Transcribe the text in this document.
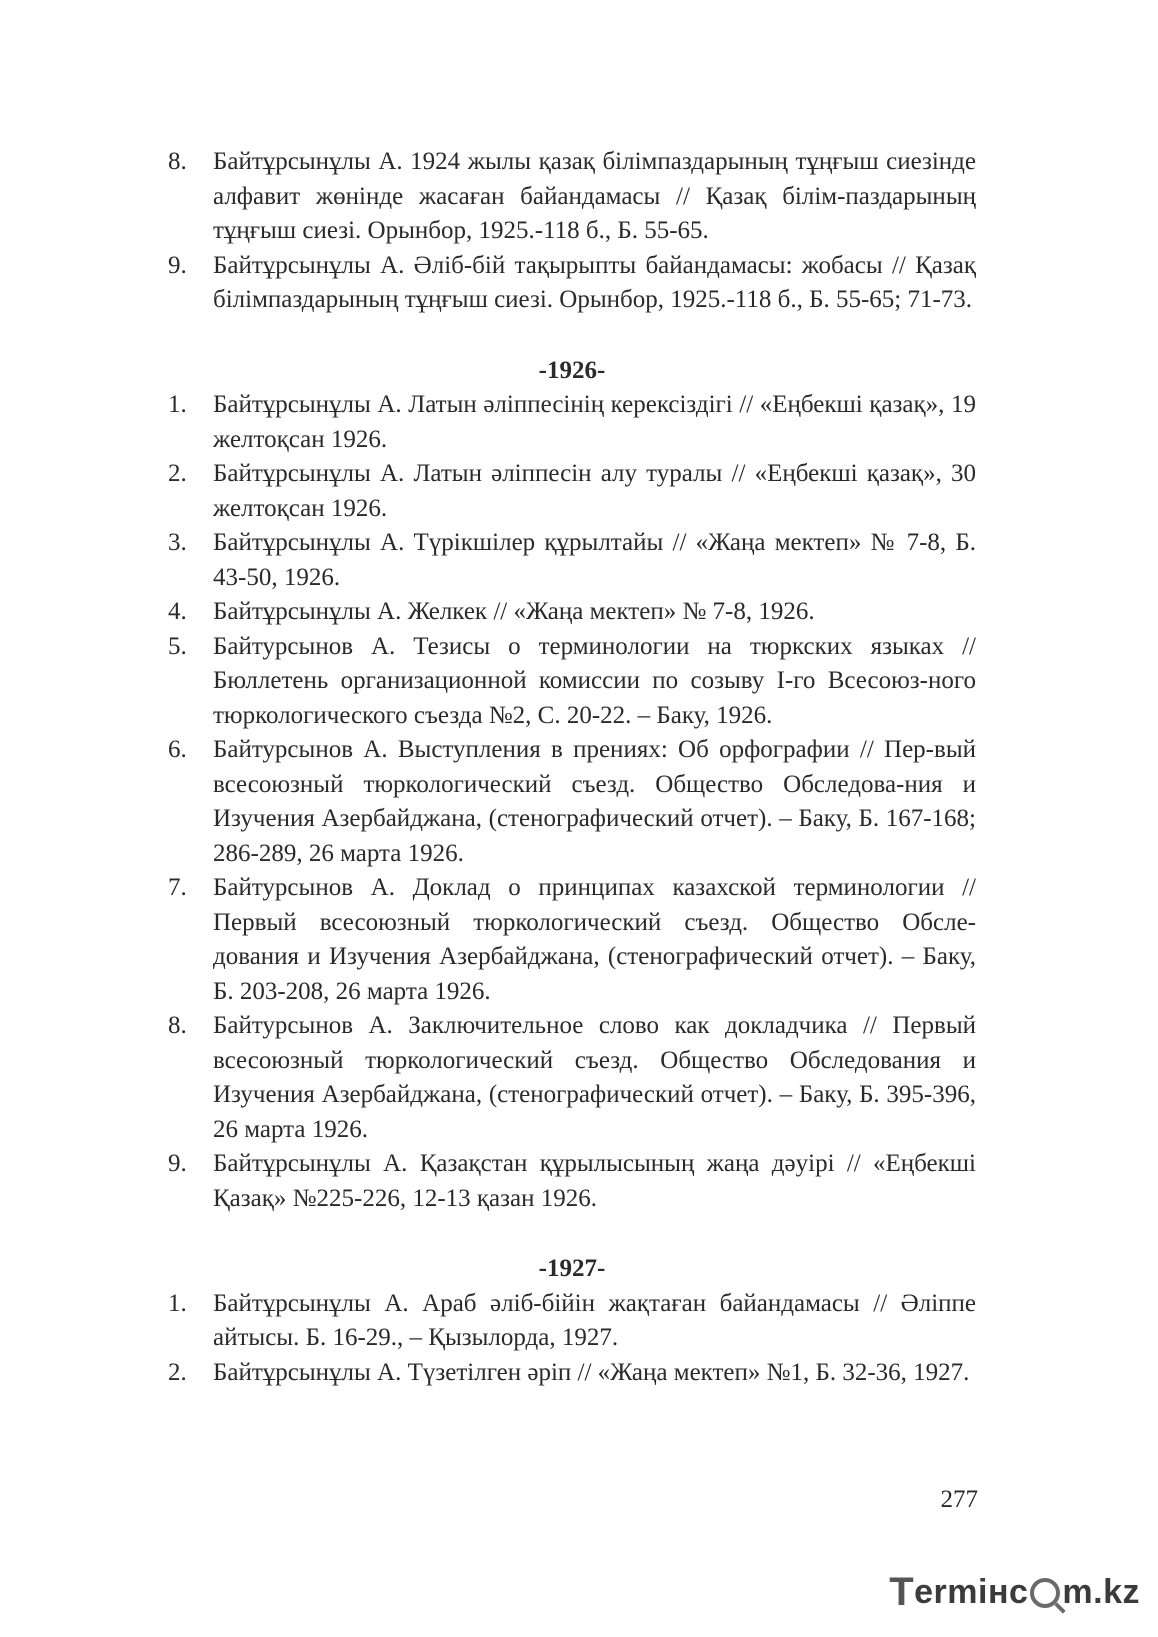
8.	Байтұрсынұлы А. 1924 жылы қазақ білімпаздарының тұңғыш сиезінде алфавит жөнінде жасаған байандамасы // Қазақ білім-паздарының тұңғыш сиезі. Орынбор, 1925.-118 б., Б. 55-65.
9.	Байтұрсынұлы А. Әліб-бій тақырыпты байандамасы: жобасы // Қазақ білімпаздарының тұңғыш сиезі. Орынбор, 1925.-118 б., Б. 55-65; 71-73.
-1926-
1.	Байтұрсынұлы А. Латын әліппесінің керексіздігі // «Еңбекші қазақ», 19 желтоқсан 1926.
2.	Байтұрсынұлы А. Латын әліппесін алу туралы // «Еңбекші қазақ», 30 желтоқсан 1926.
3.	Байтұрсынұлы А. Түрікшілер құрылтайы // «Жаңа мектеп» № 7-8, Б. 43-50, 1926.
4.	Байтұрсынұлы А. Желкек // «Жаңа мектеп» № 7-8, 1926.
5.	Байтурсынов А. Тезисы о терминологии на тюркских языках // Бюллетень организационной комиссии по созыву I-го Всесоюз-ного тюркологического съезда №2, С. 20-22. – Баку, 1926.
6.	Байтурсынов А. Выступления в прениях: Об орфографии // Пер-вый всесоюзный тюркологический съезд. Общество Обследова-ния и Изучения Азербайджана, (стенографический отчет). – Баку, Б. 167-168; 286-289, 26 марта 1926.
7.	Байтурсынов А. Доклад о принципах казахской терминологии // Первый всесоюзный тюркологический съезд. Общество Обсле-дования и Изучения Азербайджана, (стенографический отчет). – Баку, Б. 203-208, 26 марта 1926.
8.	Байтурсынов А. Заключительное слово как докладчика // Первый всесоюзный тюркологический съезд. Общество Обследования и Изучения Азербайджана, (стенографический отчет). – Баку, Б. 395-396, 26 марта 1926.
9.	Байтұрсынұлы А. Қазақстан құрылысының жаңа дәуірі // «Еңбекші Қазақ» №225-226, 12-13 қазан 1926.
-1927-
1.	Байтұрсынұлы А. Араб әліб-бійін жақтаған байандамасы // Әліппе айтысы. Б. 16-29., – Қызылорда, 1927.
2.	Байтұрсынұлы А. Түзетілген әріп // «Жаңа мектеп» №1, Б. 32-36, 1927.
277
T ermінc m.kz
